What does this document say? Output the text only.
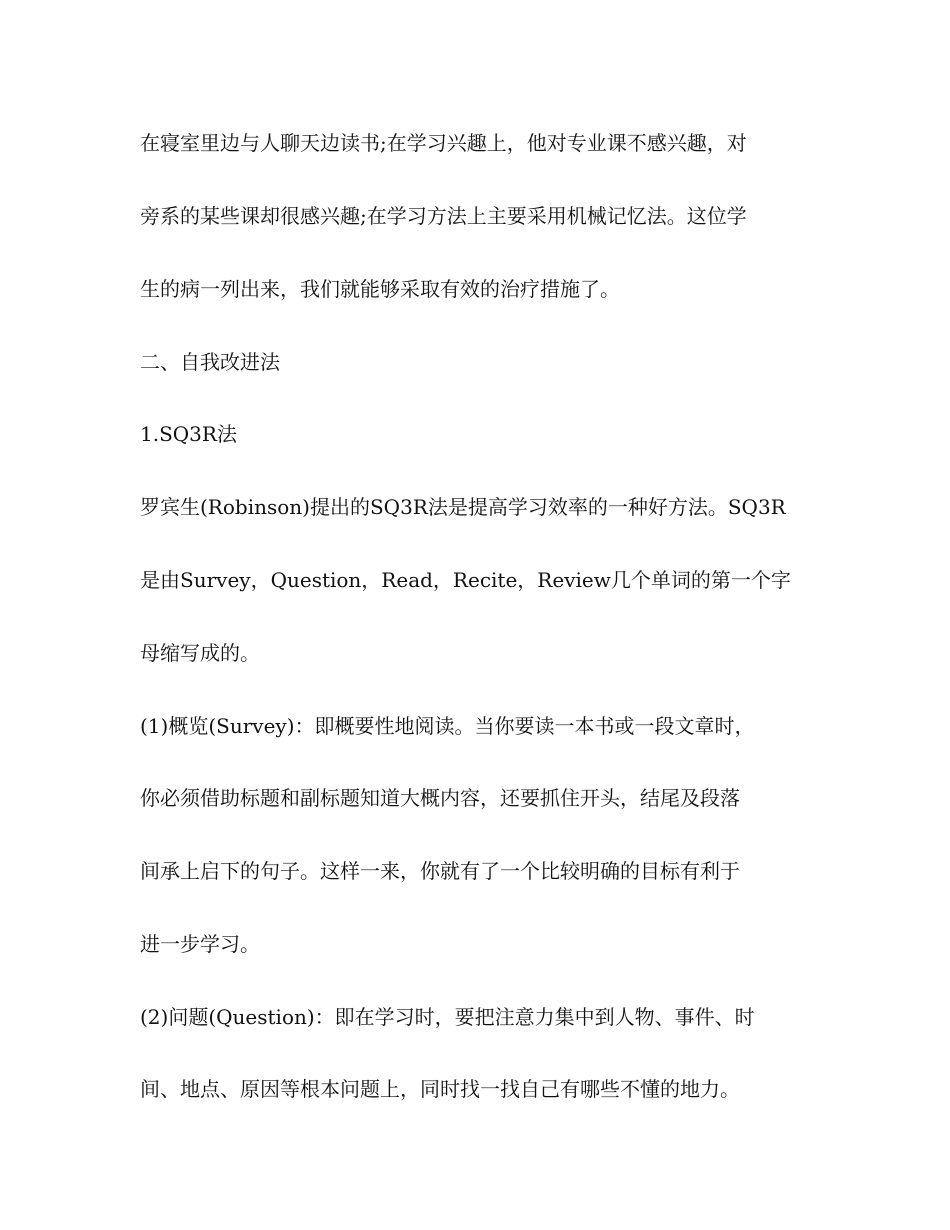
在寝室里边与人聊天边读书;在学习兴趣上，他对专业课不感兴趣，对
旁系的某些课却很感兴趣;在学习方法上主要采用机械记忆法。这位学
生的病一列出来，我们就能够采取有效的治疗措施了。
二、自我改进法
1.SQ3R法
罗宾生(Robinson)提出的SQ3R法是提高学习效率的一种好方法。SQ3R
是由Survey，Question，Read，Recite，Review几个单词的第一个字
母缩写成的。
(1)概览(Survey)：即概要性地阅读。当你要读一本书或一段文章时，
你必须借助标题和副标题知道大概内容，还要抓住开头，结尾及段落
间承上启下的句子。这样一来，你就有了一个比较明确的目标有利于
进一步学习。
(2)问题(Question)：即在学习时，要把注意力集中到人物、事件、时
间、地点、原因等根本问题上，同时找一找自己有哪些不懂的地力。
